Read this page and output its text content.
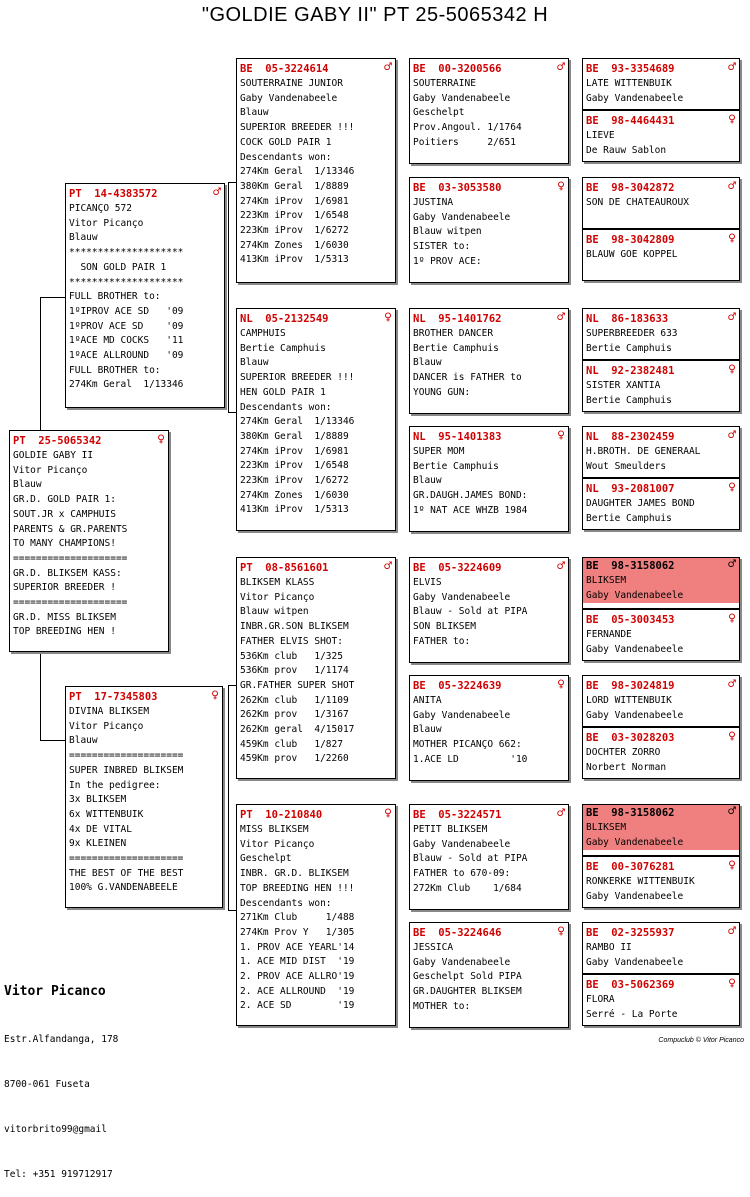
"GOLDIE GABY II" PT 25-5065342 H
PT  25-5065342	♀
GOLDIE GABY II
Vitor Picanço
Blauw
GR.D. GOLD PAIR 1:
SOUT.JR x CAMPHUIS
PARENTS & GR.PARENTS
TO MANY CHAMPIONS!
====================
GR.D. BLIKSEM KASS:
SUPERIOR BREEDER !
====================
GR.D. MISS BLIKSEM
TOP BREEDING HEN !
PT  14-4383572	♂
PICANÇO 572
Vitor Picanço
Blauw
********************
SON GOLD PAIR 1
********************
FULL BROTHER to:
1ºIPROV ACE SD   '09
1ºPROV ACE SD    '09
1ºACE MD COCKS   '11
1ºACE ALLROUND   '09
FULL BROTHER to:
274Km Geral  1/13346
PT  17-7345803	♀
DIVINA BLIKSEM
Vitor Picanço
Blauw
====================
SUPER INBRED BLIKSEM
In the pedigree:
3x BLIKSEM
6x WITTENBUIK
4x DE VITAL
9x KLEINEN
====================
THE BEST OF THE BEST
100% G.VANDENABEELE
BE  05-3224614	♂
SOUTERRAINE JUNIOR
Gaby Vandenabeele
Blauw
SUPERIOR BREEDER !!!
COCK GOLD PAIR 1
Descendants won:
274Km Geral  1/13346
380Km Geral  1/8889
274Km iProv  1/6981
223Km iProv  1/6548
223Km iProv  1/6272
274Km Zones  1/6030
413Km iProv  1/5313
NL  05-2132549	♀
CAMPHUIS
Bertie Camphuis
Blauw
SUPERIOR BREEDER !!!
HEN GOLD PAIR 1
Descendants won:
274Km Geral  1/13346
380Km Geral  1/8889
274Km iProv  1/6981
223Km iProv  1/6548
223Km iProv  1/6272
274Km Zones  1/6030
413Km iProv  1/5313
PT  08-8561601	♂
BLIKSEM KLASS
Vitor Picanço
Blauw witpen
INBR.GR.SON BLIKSEM
FATHER ELVIS SHOT:
536Km club   1/325
536Km prov   1/1174
GR.FATHER SUPER SHOT
262Km club   1/1109
262Km prov   1/3167
262Km geral  4/15017
459Km club   1/827
459Km prov   1/2260
PT  10-210840	♀
MISS BLIKSEM
Vitor Picanço
Geschelpt
INBR. GR.D. BLIKSEM
TOP BREEDING HEN !!!
Descendants won:
271Km Club     1/488
274Km Prov Y   1/305
1. PROV ACE YEARL'14
1. ACE MID DIST  '19
2. PROV ACE ALLRO'19
2. ACE ALLROUND  '19
2. ACE SD        '19
BE  00-3200566	♂
SOUTERRAINE
Gaby Vandenabeele
Geschelpt
Prov.Angoul. 1/1764
Poitiers     2/651
BE  03-3053580	♀
JUSTINA
Gaby Vandenabeele
Blauw witpen
SISTER to:
1º PROV ACE:
NL  95-1401762	♂
BROTHER DANCER
Bertie Camphuis
Blauw
DANCER is FATHER to
YOUNG GUN:
NL  95-1401383	♀
SUPER MOM
Bertie Camphuis
Blauw
GR.DAUGH.JAMES BOND:
1º NAT ACE WHZB 1984
BE  05-3224609	♂
ELVIS
Gaby Vandenabeele
Blauw - Sold at PIPA
SON BLIKSEM
FATHER to:
BE  05-3224639	♀
ANITA
Gaby Vandenabeele
Blauw
MOTHER PICANÇO 662:
1.ACE LD         '10
BE  05-3224571	♂
PETIT BLIKSEM
Gaby Vandenabeele
Blauw - Sold at PIPA
FATHER to 670-09:
272Km Club    1/684
BE  05-3224646	♀
JESSICA
Gaby Vandenabeele
Geschelpt Sold PIPA
GR.DAUGHTER BLIKSEM
MOTHER to:
BE  93-3354689	♂
LATE WITTENBUIK
Gaby Vandenabeele
BE  98-4464431	♀
LIEVE
De Rauw Sablon
BE  98-3042872	♂
SON DE CHATEAUROUX
BE  98-3042809	♀
BLAUW GOE KOPPEL
NL  86-183633	♂
SUPERBREEDER 633
Bertie Camphuis
NL  92-2382481	♀
SISTER XANTIA
Bertie Camphuis
NL  88-2302459	♂
H.BROTH. DE GENERAAL
Wout Smeulders
NL  93-2081007	♀
DAUGHTER JAMES BOND
Bertie Camphuis
BE  98-3158062	♂
BLIKSEM
Gaby Vandenabeele
BE  05-3003453	♀
FERNANDE
Gaby Vandenabeele
BE  98-3024819	♂
LORD WITTENBUIK
Gaby Vandenabeele
BE  03-3028203	♀
DOCHTER ZORRO
Norbert Norman
BE  98-3158062	♂
BLIKSEM
Gaby Vandenabeele
BE  00-3076281	♀
RONKERKE WITTENBUIK
Gaby Vandenabeele
BE  02-3255937	♂
RAMBO II
Gaby Vandenabeele
BE  03-5062369	♀
FLORA
Serré - La Porte

Vitor Picanco

Estr.Alfandanga, 178

8700-061 Fuseta

vitorbrito99@gmail

Tel: +351 919712917

Compuclub © Vitor Picanco
